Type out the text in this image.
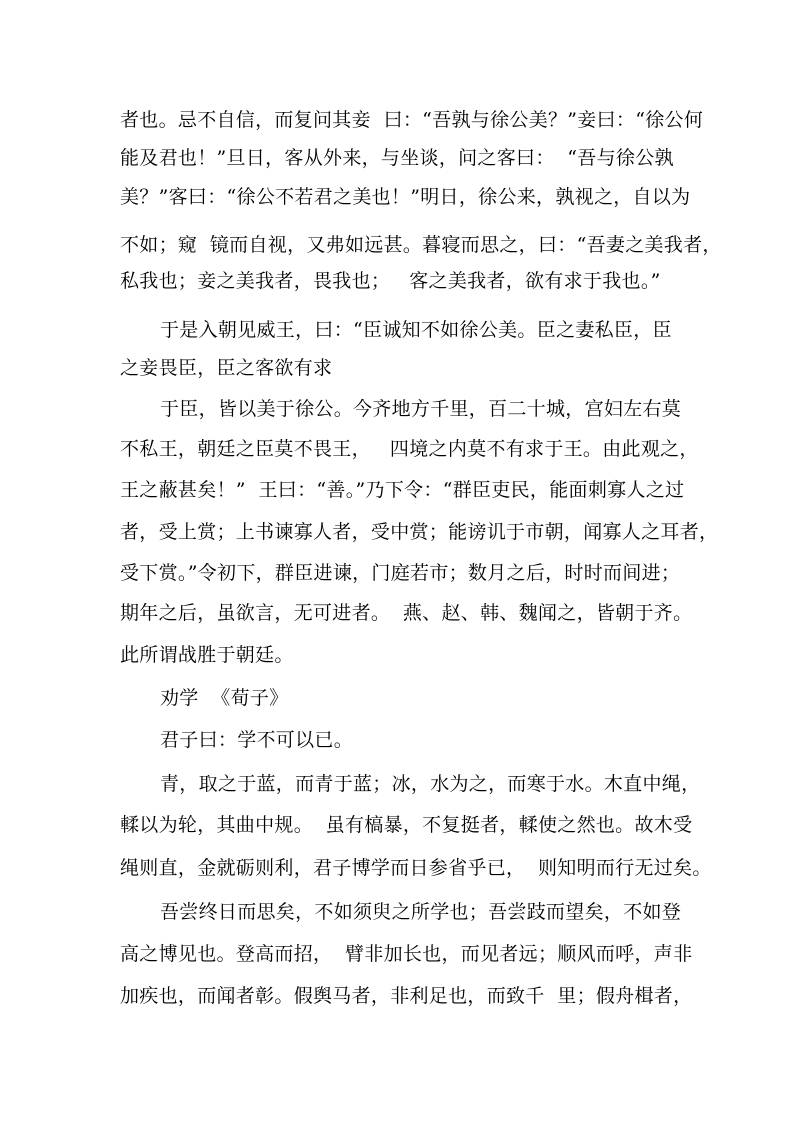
者也。忌不自信，而复问其妾  曰：“吾孰与徐公美？”妾曰：“徐公何
能及君也！”旦日，客从外来，与坐谈，问之客曰：  “吾与徐公孰
美？”客曰：“徐公不若君之美也！”明日，徐公来，孰视之，自以为
不如；窥  镜而自视，又弗如远甚。暮寝而思之，曰：“吾妻之美我者，
私我也；妾之美我者，畏我也；   客之美我者，欲有求于我也。”
于是入朝见威王，曰：“臣诚知不如徐公美。臣之妻私臣，臣
之妾畏臣，臣之客欲有求
于臣，皆以美于徐公。今齐地方千里，百二十城，宫妇左右莫
不私王，朝廷之臣莫不畏王，   四境之内莫不有求于王。由此观之，
王之蔽甚矣！”  王曰：“善。”乃下令：“群臣吏民，能面刺寡人之过
者，受上赏；上书谏寡人者，受中赏；能谤讥于市朝，闻寡人之耳者，
受下赏。”令初下，群臣进谏，门庭若市；数月之后，时时而间进；
期年之后，虽欲言，无可进者。  燕、赵、韩、魏闻之，皆朝于齐。
此所谓战胜于朝廷。
劝学  《荀子》
君子曰：学不可以已。
青，取之于蓝，而青于蓝；冰，水为之，而寒于水。木直中绳，
輮以为轮，其曲中规。  虽有槁暴，不复挺者，輮使之然也。故木受
绳则直，金就砺则利，君子博学而日参省乎已，  则知明而行无过矣。
吾尝终日而思矣，不如须臾之所学也；吾尝跂而望矣，不如登
高之博见也。登高而招，  臂非加长也，而见者远；顺风而呼，声非
加疾也，而闻者彰。假舆马者，非利足也，而致千  里；假舟楫者，
